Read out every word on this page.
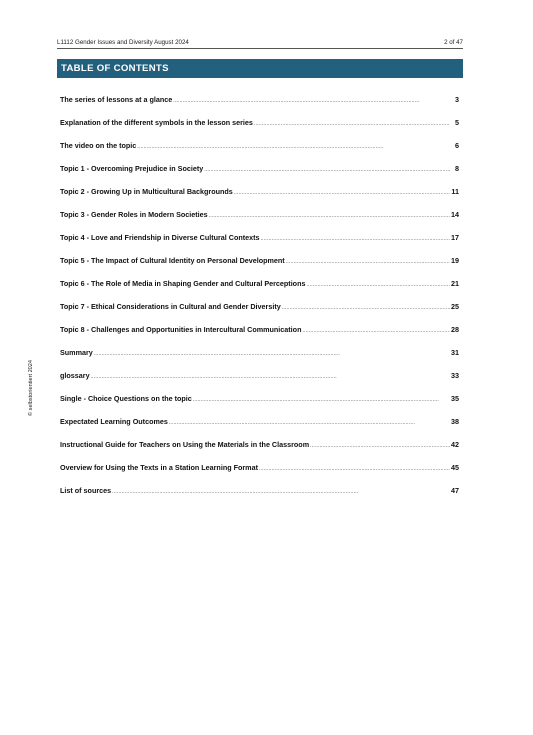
L1112 Gender Issues and Diversity August 2024	2 of 47
TABLE OF CONTENTS
The series of lessons at a glance . . .	3
Explanation of the different symbols in the lesson series . . .	5
The video on the topic . . .	6
Topic 1 - Overcoming Prejudice in Society . . .	8
Topic 2 - Growing Up in Multicultural Backgrounds . . .	11
Topic 3 - Gender Roles in Modern Societies . . .	14
Topic 4 - Love and Friendship in Diverse Cultural Contexts . . .	17
Topic 5 - The Impact of Cultural Identity on Personal Development . . .	19
Topic 6 - The Role of Media in Shaping Gender and Cultural Perceptions . . .	21
Topic 7 - Ethical Considerations in Cultural and Gender Diversity . . .	25
Topic 8 - Challenges and Opportunities in Intercultural Communication . . .	28
Summary . . .	31
glossary . . .	33
Single - Choice Questions on the topic . . .	35
Expectated Learning Outcomes . . .	38
Instructional Guide for Teachers on Using the Materials in the Classroom . . .	42
Overview for Using the Texts in a Station Learning Format . . .	45
List of sources . . .	47
© selbstorientiert 2024
